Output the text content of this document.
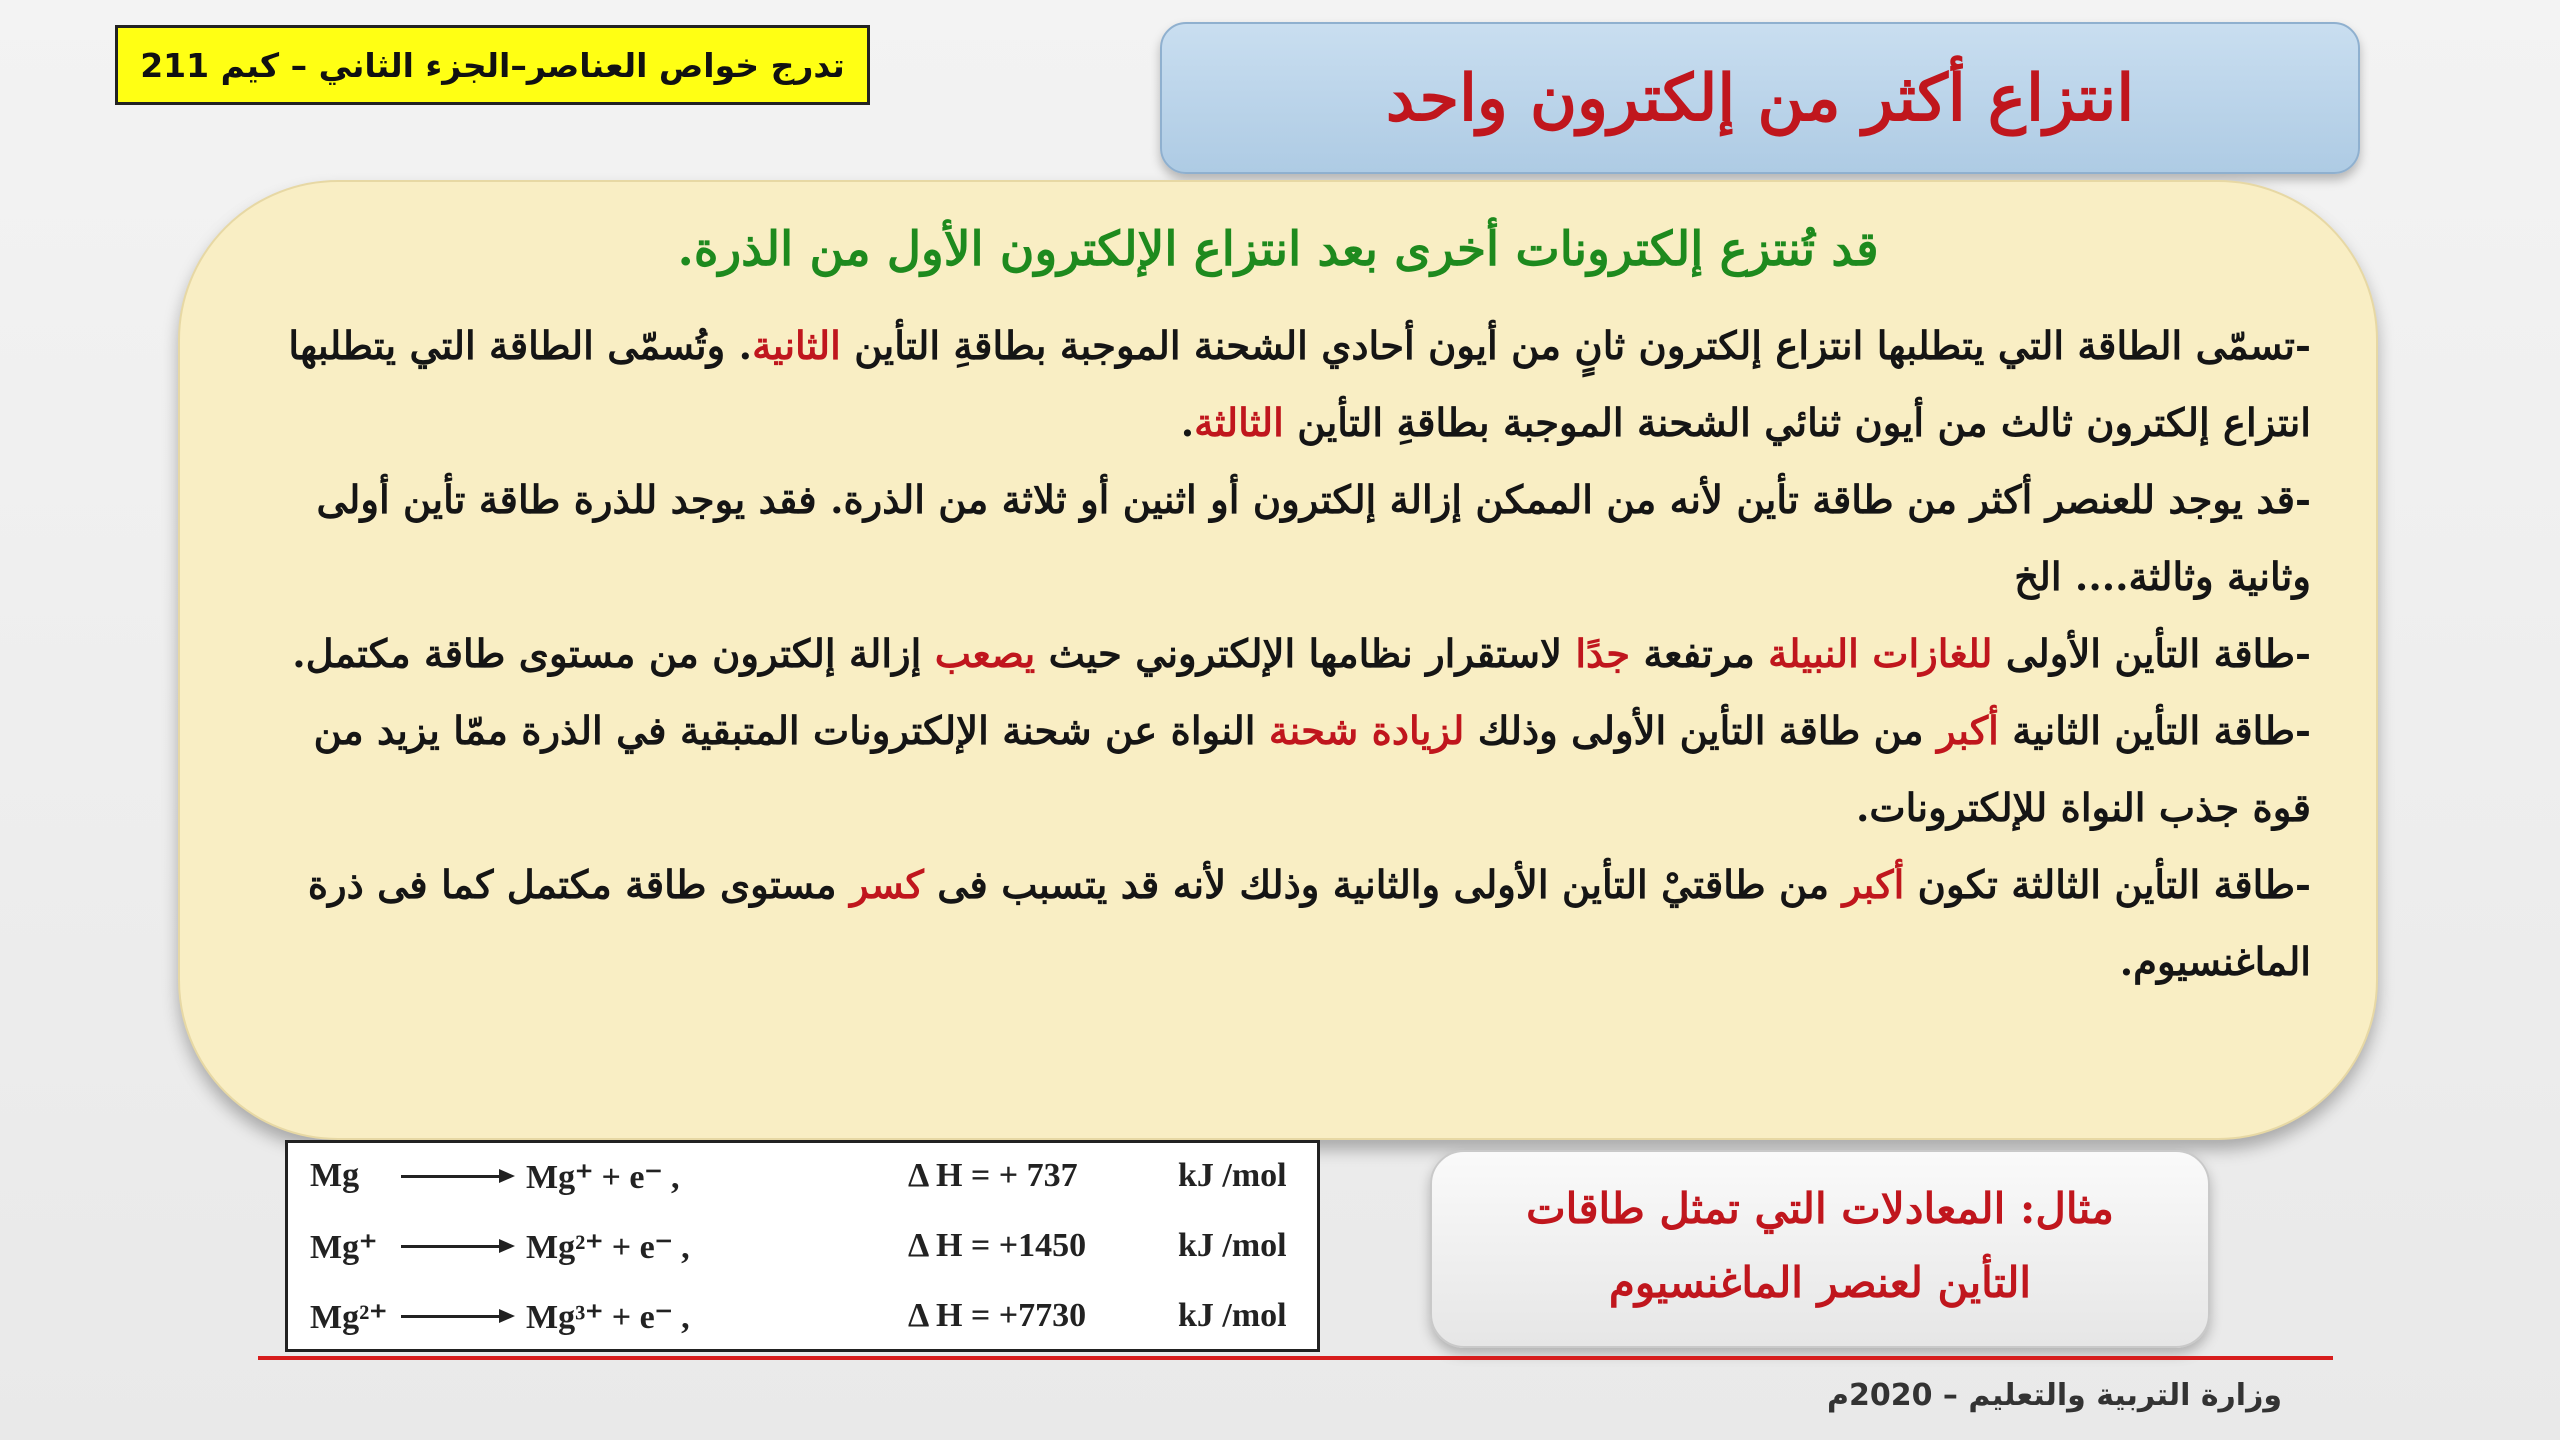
تدرج خواص العناصر–الجزء الثاني – كيم 211	انتزاع أكثر من إلكترون واحد
قد تُنتزع إلكترونات أخرى بعد انتزاع الإلكترون الأول من الذرة.

-تسمّى الطاقة التي يتطلبها انتزاع إلكترون ثانٍ من أيون أحادي الشحنة الموجبة بطاقةِ التأين الثانية. وتُسمّى الطاقة التي يتطلبها انتزاع إلكترون ثالث من أيون ثنائي الشحنة الموجبة بطاقةِ التأين الثالثة.

-قد يوجد للعنصر أكثر من طاقة تأين لأنه من الممكن إزالة إلكترون أو اثنين أو ثلاثة من الذرة. فقد يوجد للذرة طاقة تأين أولى وثانية وثالثة.... الخ

-طاقة التأين الأولى للغازات النبيلة مرتفعة جدًا لاستقرار نظامها الإلكتروني حيث يصعب إزالة إلكترون من مستوى طاقة مكتمل.

-طاقة التأين الثانية أكبر من طاقة التأين الأولى وذلك لزيادة شحنة النواة عن شحنة الإلكترونات المتبقية في الذرة ممّا يزيد من قوة جذب النواة للإلكترونات.

-طاقة التأين الثالثة تكون أكبر من طاقتيْ التأين الأولى والثانية وذلك لأنه قد يتسبب فى كسر مستوى طاقة مكتمل كما فى ذرة الماغنسيوم.

Mg → Mg⁺ + e⁻ ,	Δ H = + 737	kJ /mol
Mg⁺ → Mg²⁺ + e⁻ ,	Δ H = +1450	kJ /mol
Mg²⁺ → Mg³⁺ + e⁻ ,	Δ H = +7730	kJ /mol
مثال: المعادلات التي تمثل طاقات
التأين لعنصر الماغنسيوم
وزارة التربية والتعليم – 2020م
